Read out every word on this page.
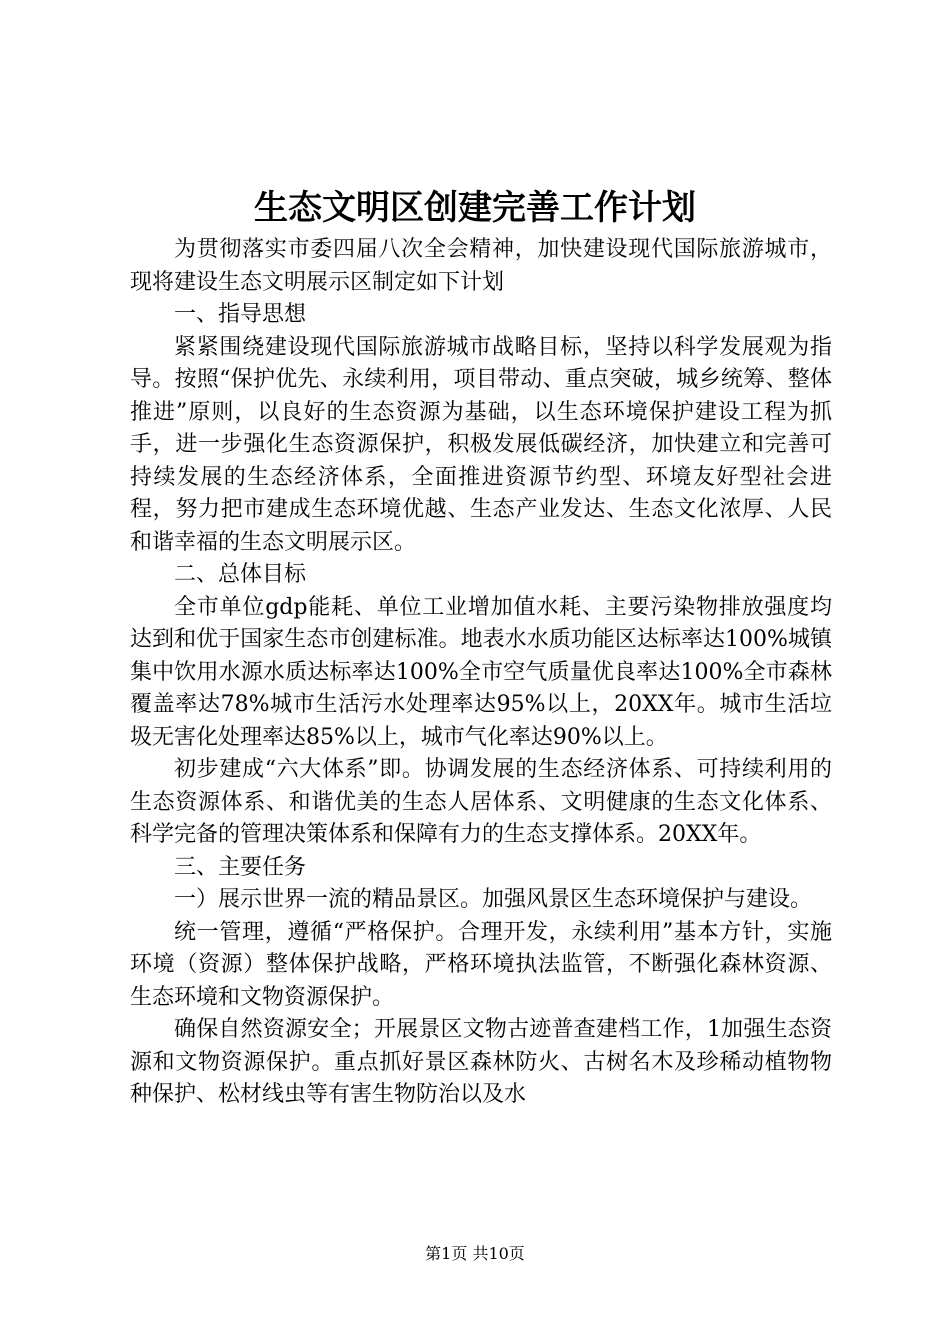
生态文明区创建完善工作计划

为贯彻落实市委四届八次全会精神，加快建设现代国际旅游城市，现将建设生态文明展示区制定如下计划

一、指导思想

紧紧围绕建设现代国际旅游城市战略目标，坚持以科学发展观为指导。按照“保护优先、永续利用，项目带动、重点突破，城乡统筹、整体推进”原则，以良好的生态资源为基础，以生态环境保护建设工程为抓手，进一步强化生态资源保护，积极发展低碳经济，加快建立和完善可持续发展的生态经济体系，全面推进资源节约型、环境友好型社会进程，努力把市建成生态环境优越、生态产业发达、生态文化浓厚、人民和谐幸福的生态文明展示区。

二、总体目标

全市单位gdp能耗、单位工业增加值水耗、主要污染物排放强度均达到和优于国家生态市创建标准。地表水水质功能区达标率达100%城镇集中饮用水源水质达标率达100%全市空气质量优良率达100%全市森林覆盖率达78%城市生活污水处理率达95%以上，20XX年。城市生活垃圾无害化处理率达85%以上，城市气化率达90%以上。

初步建成“六大体系”即。协调发展的生态经济体系、可持续利用的生态资源体系、和谐优美的生态人居体系、文明健康的生态文化体系、科学完备的管理决策体系和保障有力的生态支撑体系。20XX年。

三、主要任务

一）展示世界一流的精品景区。加强风景区生态环境保护与建设。

统一管理，遵循“严格保护。合理开发，永续利用”基本方针，实施环境（资源）整体保护战略，严格环境执法监管，不断强化森林资源、生态环境和文物资源保护。

确保自然资源安全；开展景区文物古迹普查建档工作，1加强生态资源和文物资源保护。重点抓好景区森林防火、古树名木及珍稀动植物物种保护、松材线虫等有害生物防治以及水

第1页 共10页
